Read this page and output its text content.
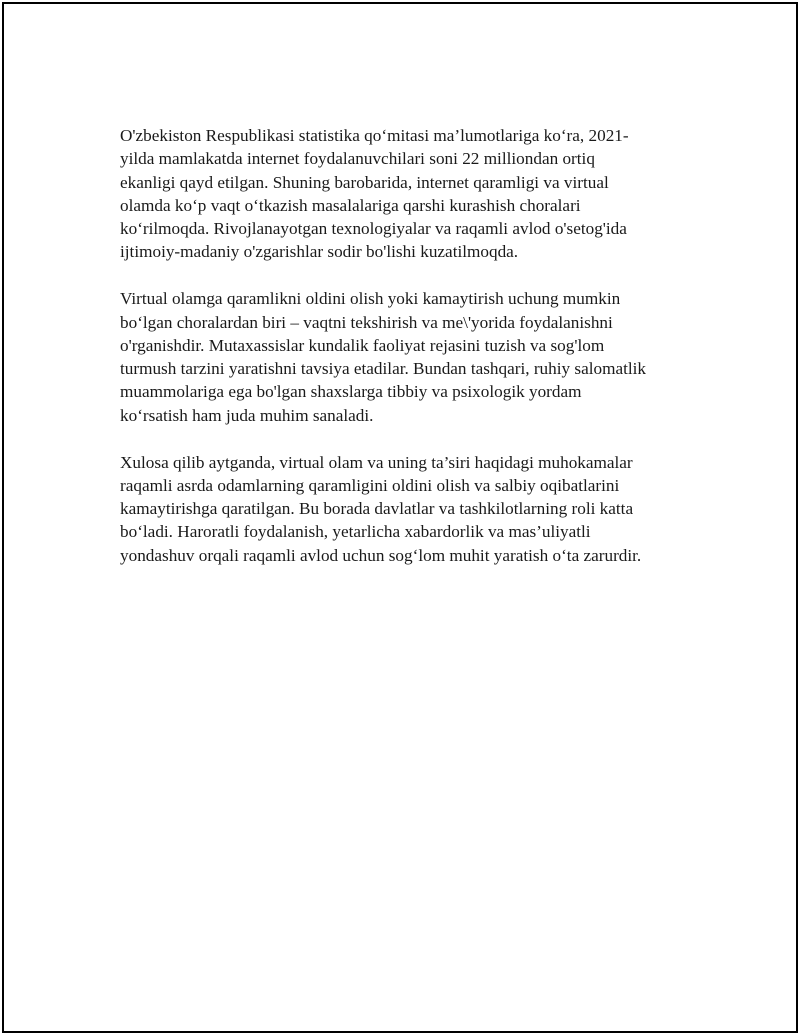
O'zbekiston Respublikasi statistika qo‘mitasi ma’lumotlariga ko‘ra, 2021-
yilda mamlakatda internet foydalanuvchilari soni 22 milliondan ortiq
ekanligi qayd etilgan. Shuning barobarida, internet qaramligi va virtual
olamda ko‘p vaqt o‘tkazish masalalariga qarshi kurashish choralari
ko‘rilmoqda. Rivojlanayotgan texnologiyalar va raqamli avlod o'setog'ida
ijtimoiy-madaniy o'zgarishlar sodir bo'lishi kuzatilmoqda.

Virtual olamga qaramlikni oldini olish yoki kamaytirish uchung mumkin
bo‘lgan choralardan biri – vaqtni tekshirish va me\'yorida foydalanishni
o'rganishdir. Mutaxassislar kundalik faoliyat rejasini tuzish va sog'lom
turmush tarzini yaratishni tavsiya etadilar. Bundan tashqari, ruhiy salomatlik
muammolariga ega bo'lgan shaxslarga tibbiy va psixologik yordam
ko‘rsatish ham juda muhim sanaladi.

Xulosa qilib aytganda, virtual olam va uning ta’siri haqidagi muhokamalar
raqamli asrda odamlarning qaramligini oldini olish va salbiy oqibatlarini
kamaytirishga qaratilgan. Bu borada davlatlar va tashkilotlarning roli katta
bo‘ladi. Haroratli foydalanish, yetarlicha xabardorlik va mas’uliyatli
yondashuv orqali raqamli avlod uchun sog‘lom muhit yaratish o‘ta zarurdir.
